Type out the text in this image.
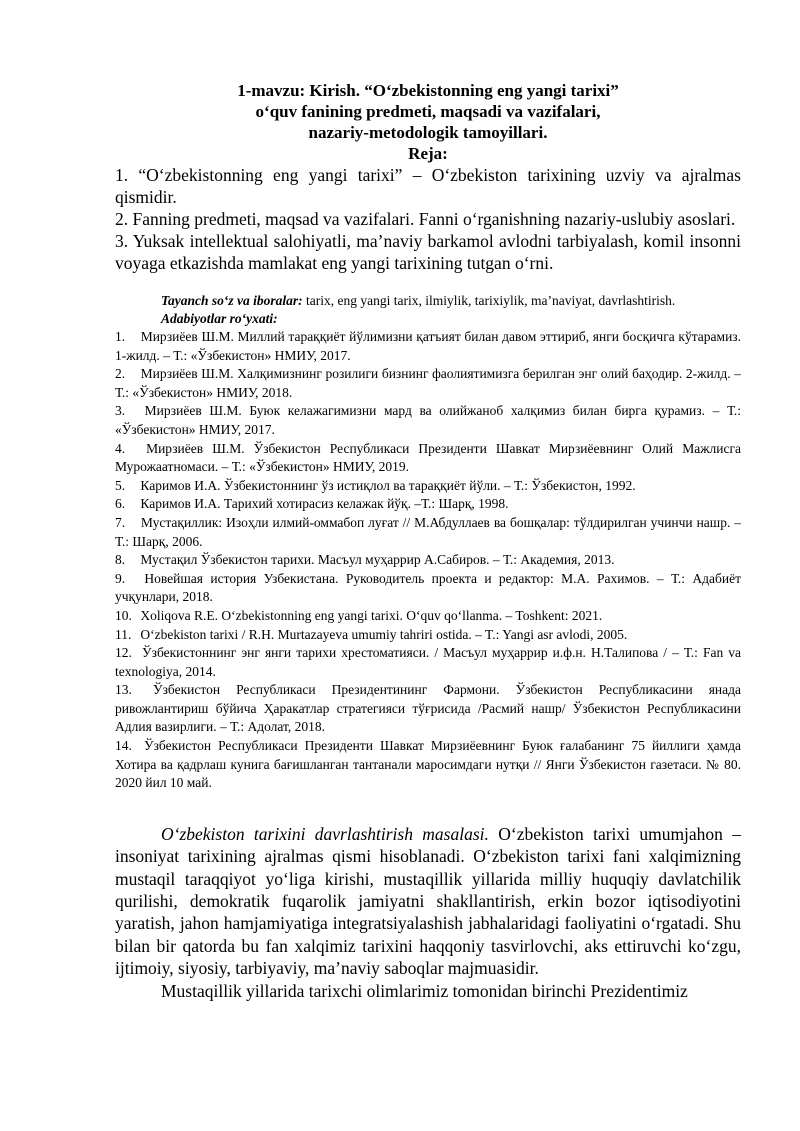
1-mavzu: Kirish. “O‘zbekistonning eng yangi tarixi”

o‘quv fanining predmeti, maqsadi va vazifalari,

nazariy-metodologik tamoyillari.

Reja:

1. “O‘zbekistonning eng yangi tarixi” – O‘zbekiston tarixining uzviy va ajralmas qismidir.

2. Fanning predmeti, maqsad va vazifalari. Fanni o‘rganishning nazariy-uslubiy asoslari.

3. Yuksak intellektual salohiyatli, ma’naviy barkamol avlodni tarbiyalash, komil insonni voyaga etkazishda mamlakat eng yangi tarixining tutgan o‘rni.

Tayanch so‘z va iboralar: tarix, eng yangi tarix, ilmiylik, tarixiylik, ma’naviyat, davrlashtirish.

Adabiyotlar ro‘yxati:

1. Мирзиёев Ш.М. Миллий тараққиёт йўлимизни қатъият билан давом эттириб, янги босқичга кўтарамиз. 1-жилд. – Т.: «Ўзбекистон» НМИУ, 2017.
2. Мирзиёев Ш.М. Халқимизнинг розилиги бизнинг фаолиятимизга берилган энг олий баҳодир. 2-жилд. – Т.: «Ўзбекистон» НМИУ, 2018.
3. Мирзиёев Ш.М. Буюк келажагимизни мард ва олийжаноб халқимиз билан бирга қурамиз. – Т.: «Ўзбекистон» НМИУ, 2017.
4. Мирзиёев Ш.М. Ўзбекистон Республикаси Президенти Шавкат Мирзиёевнинг Олий Мажлисга Мурожаатномаси. – Т.: «Ўзбекистон» НМИУ, 2019.
5. Каримов И.А. Ўзбекистоннинг ўз истиқлол ва тараққиёт йўли. – Т.: Ўзбекистон, 1992.
6. Каримов И.А. Тарихий хотирасиз келажак йўқ. –Т.: Шарқ, 1998.
7. Мустақиллик: Изоҳли илмий-оммабоп луғат // М.Абдуллаев ва бошқалар: тўлдирилган учинчи нашр. – Т.: Шарқ, 2006.
8. Мустақил Ўзбекистон тарихи. Масъул муҳаррир А.Сабиров. – Т.: Академия, 2013.
9. Новейшая история Узбекистана. Руководитель проекта и редактор: М.А. Рахимов. – Т.: Адабиёт учқунлари, 2018.
10. Xoliqova R.E. O‘zbekistonning eng yangi tarixi. O‘quv qo‘llanma. – Toshkent: 2021.
11. O‘zbekiston tarixi / R.H. Murtazayeva umumiy tahriri ostida. – T.: Yangi asr avlodi, 2005.
12. Ўзбекистоннинг энг янги тарихи хрестоматияси. / Масъул муҳаррир и.ф.н. Н.Талипова / – Т.: Fan va texnologiya, 2014.
13. Ўзбекистон Республикаси Президентининг Фармони. Ўзбекистон Республикасини янада ривожлантириш бўйича Ҳаракатлар стратегияси тўғрисида /Расмий нашр/ Ўзбекистон Республикасини Адлия вазирлиги. – Т.: Адолат, 2018.
14. Ўзбекистон Республикаси Президенти Шавкат Мирзиёевнинг Буюк ғалабанинг 75 йиллиги ҳамда Хотира ва қадрлаш кунига бағишланган тантанали маросимдаги нутқи // Янги Ўзбекистон газетаси. № 80. 2020 йил 10 май.

O‘zbekiston tarixini davrlashtirish masalasi. O‘zbekiston tarixi umumjahon – insoniyat tarixining ajralmas qismi hisoblanadi. O‘zbekiston tarixi fani xalqimizning mustaqil taraqqiyot yo‘liga kirishi, mustaqillik yillarida milliy huquqiy davlatchilik qurilishi, demokratik fuqarolik jamiyatni shakllantirish, erkin bozor iqtisodiyotini yaratish, jahon hamjamiyatiga integratsiyalashish jabhalaridagi faoliyatini o‘rgatadi. Shu bilan bir qatorda bu fan xalqimiz tarixini haqqoniy tasvirlovchi, aks ettiruvchi ko‘zgu, ijtimoiy, siyosiy, tarbiyaviy, ma’naviy saboqlar majmuasidir.

Mustaqillik yillarida tarixchi olimlarimiz tomonidan birinchi Prezidentimiz
